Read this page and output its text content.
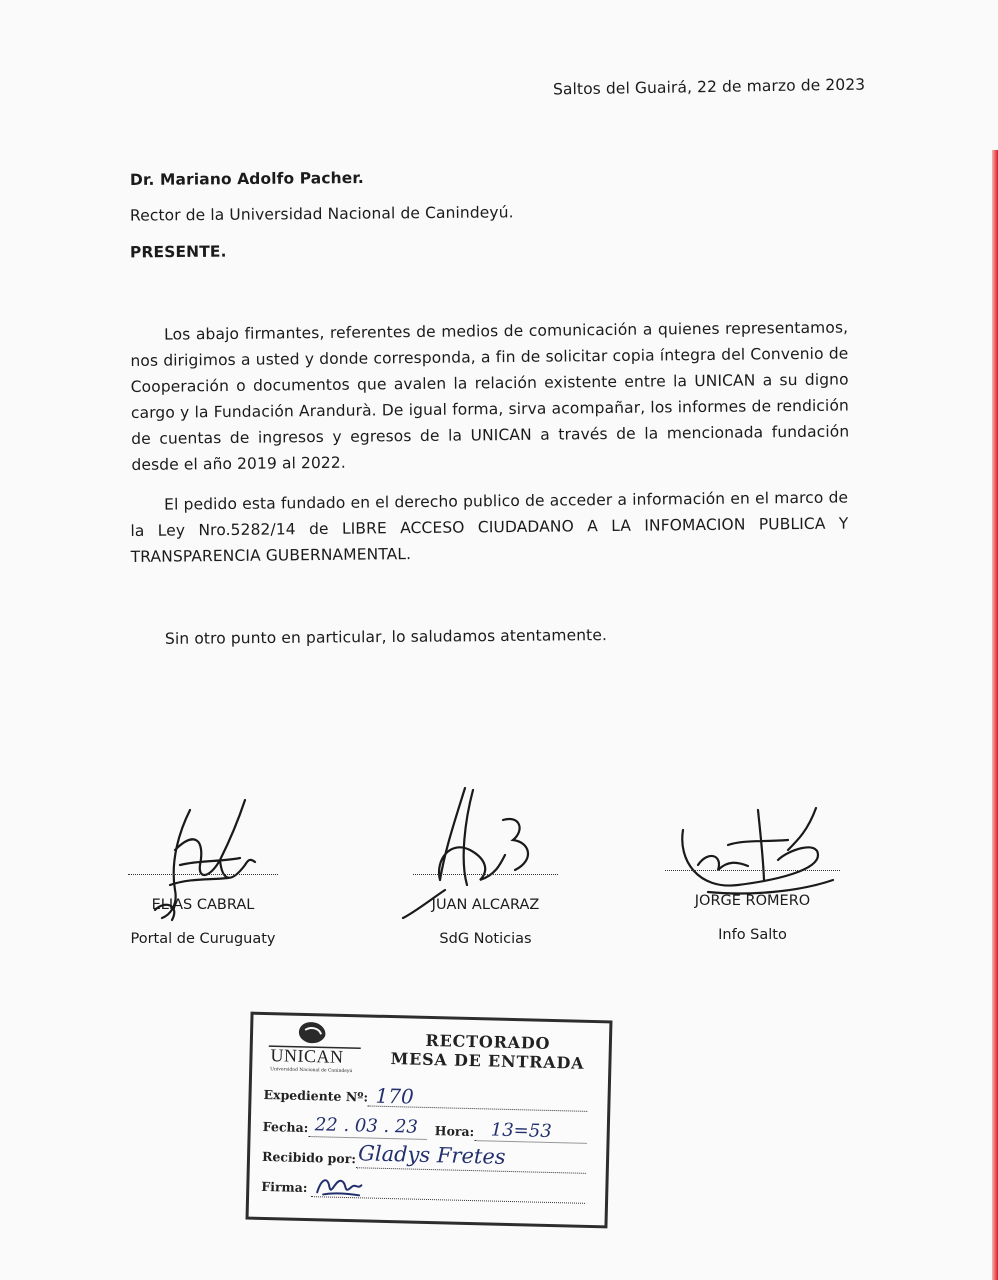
Saltos del Guairá, 22 de marzo de 2023
Dr. Mariano Adolfo Pacher.
Rector de la Universidad Nacional de Canindeyú.
PRESENTE.
Los abajo firmantes, referentes de medios de comunicación a quienes representamos, nos dirigimos a usted y donde corresponda, a fin de solicitar copia íntegra del Convenio de Cooperación o documentos que avalen la relación existente entre la UNICAN a su digno cargo y la Fundación Arandurà. De igual forma, sirva acompañar, los informes de rendición de cuentas de ingresos y egresos de la UNICAN a través de la mencionada fundación desde el año 2019 al 2022.
El pedido esta fundado en el derecho publico de acceder a información en el marco de la Ley Nro.5282/14 de LIBRE ACCESO CIUDADANO A LA INFOMACION PUBLICA Y TRANSPARENCIA GUBERNAMENTAL.
Sin otro punto en particular, lo saludamos atentamente.
ELIAS CABRAL
Portal de Curuguaty
JUAN ALCARAZ
SdG Noticias
JORGE ROMERO
Info Salto
UNICAN
Universidad Nacional de Canindeyú
RECTORADO
MESA DE ENTRADA
Expediente Nº: 170
Fecha: 22 . 03 . 23 Hora: 13=53
Recibido por: Gladys Fretes
Firma:
